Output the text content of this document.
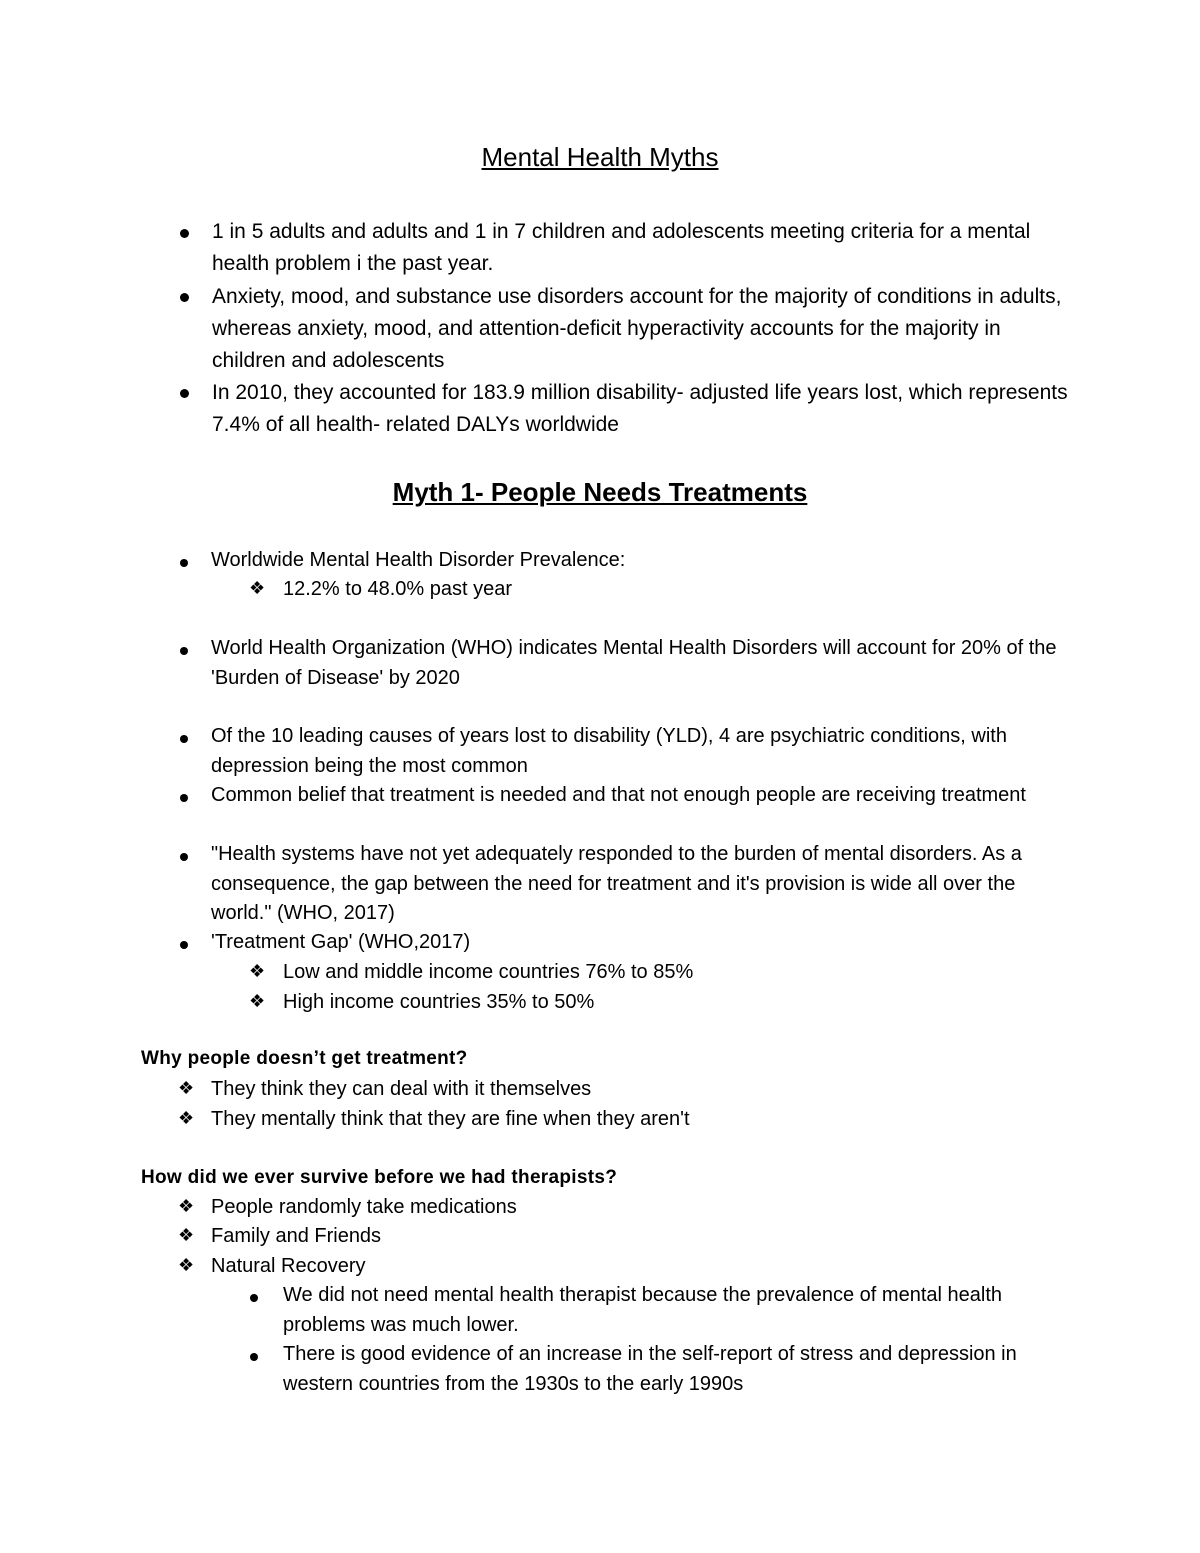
Mental Health Myths
1 in 5 adults and adults and 1 in 7 children and adolescents meeting criteria for a mental health problem i the past year.
Anxiety, mood, and substance use disorders account for the majority of conditions in adults, whereas anxiety, mood, and attention-deficit hyperactivity accounts for the majority in children and adolescents
In 2010, they accounted for 183.9 million disability- adjusted life years lost, which represents 7.4% of all health- related DALYs worldwide
Myth 1- People Needs Treatments
Worldwide Mental Health Disorder Prevalence:
❖ 12.2% to 48.0% past year
World Health Organization (WHO) indicates Mental Health Disorders will account for 20% of the 'Burden of Disease' by 2020
Of the 10 leading causes of years lost to disability (YLD), 4 are psychiatric conditions, with depression being the most common
Common belief that treatment is needed and that not enough people are receiving treatment
"Health systems have not yet adequately responded to the burden of mental disorders. As a consequence, the gap between the need for treatment and it's provision is wide all over the world." (WHO, 2017)
'Treatment Gap' (WHO,2017)
❖ Low and middle income countries 76% to 85%
❖ High income countries 35% to 50%
Why people doesn’t get treatment?
❖ They think they can deal with it themselves
❖ They mentally think that they are fine when they aren't
How did we ever survive before we had therapists?
❖ People randomly take medications
❖ Family and Friends
❖ Natural Recovery
We did not need mental health therapist because the prevalence of mental health problems was much lower.
There is good evidence of an increase in the self-report of stress and depression in western countries from the 1930s to the early 1990s
